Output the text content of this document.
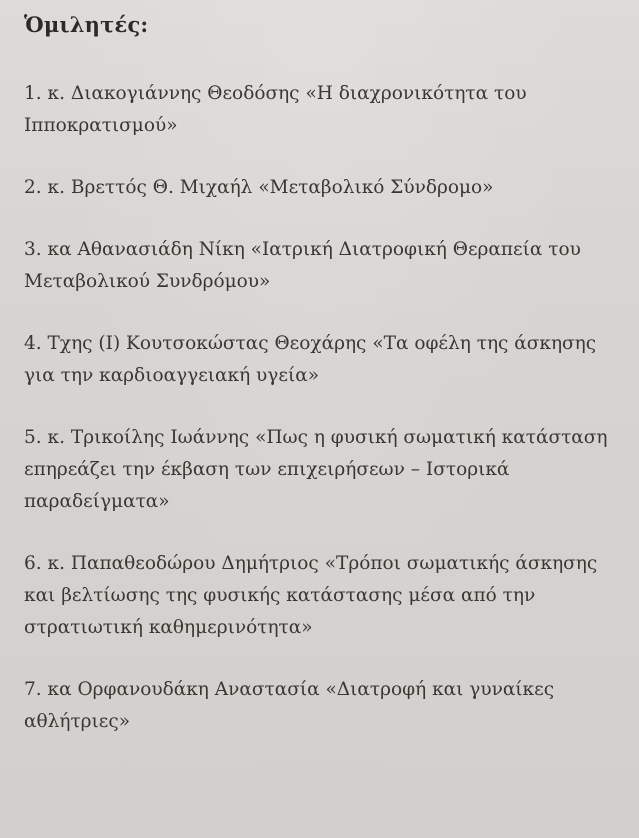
Ὁμιλητές:
1. κ. Διακογιάννης Θεοδόσης «Η διαχρονικότητα του Ιπποκρατισμού»
2. κ. Βρεττός Θ. Μιχαήλ «Μεταβολικό Σύνδρομο»
3. κα Αθανασιάδη Νίκη «Ιατρική Διατροφική Θεραπεία του Μεταβολικού Συνδρόμου»
4. Τχης (Ι) Κουτσοκώστας Θεοχάρης «Τα οφέλη της άσκησης για την καρδιοαγγειακή υγεία»
5. κ. Τρικοίλης Ιωάννης «Πως η φυσική σωματική κατάσταση επηρεάζει την έκβαση των επιχειρήσεων – Ιστορικά παραδείγματα»
6. κ. Παπαθεοδώρου Δημήτριος «Τρόποι σωματικής άσκησης και βελτίωσης της φυσικής κατάστασης μέσα από την στρατιωτική καθημερινότητα»
7. κα Ορφανουδάκη Αναστασία «Διατροφή και γυναίκες αθλήτριες»
